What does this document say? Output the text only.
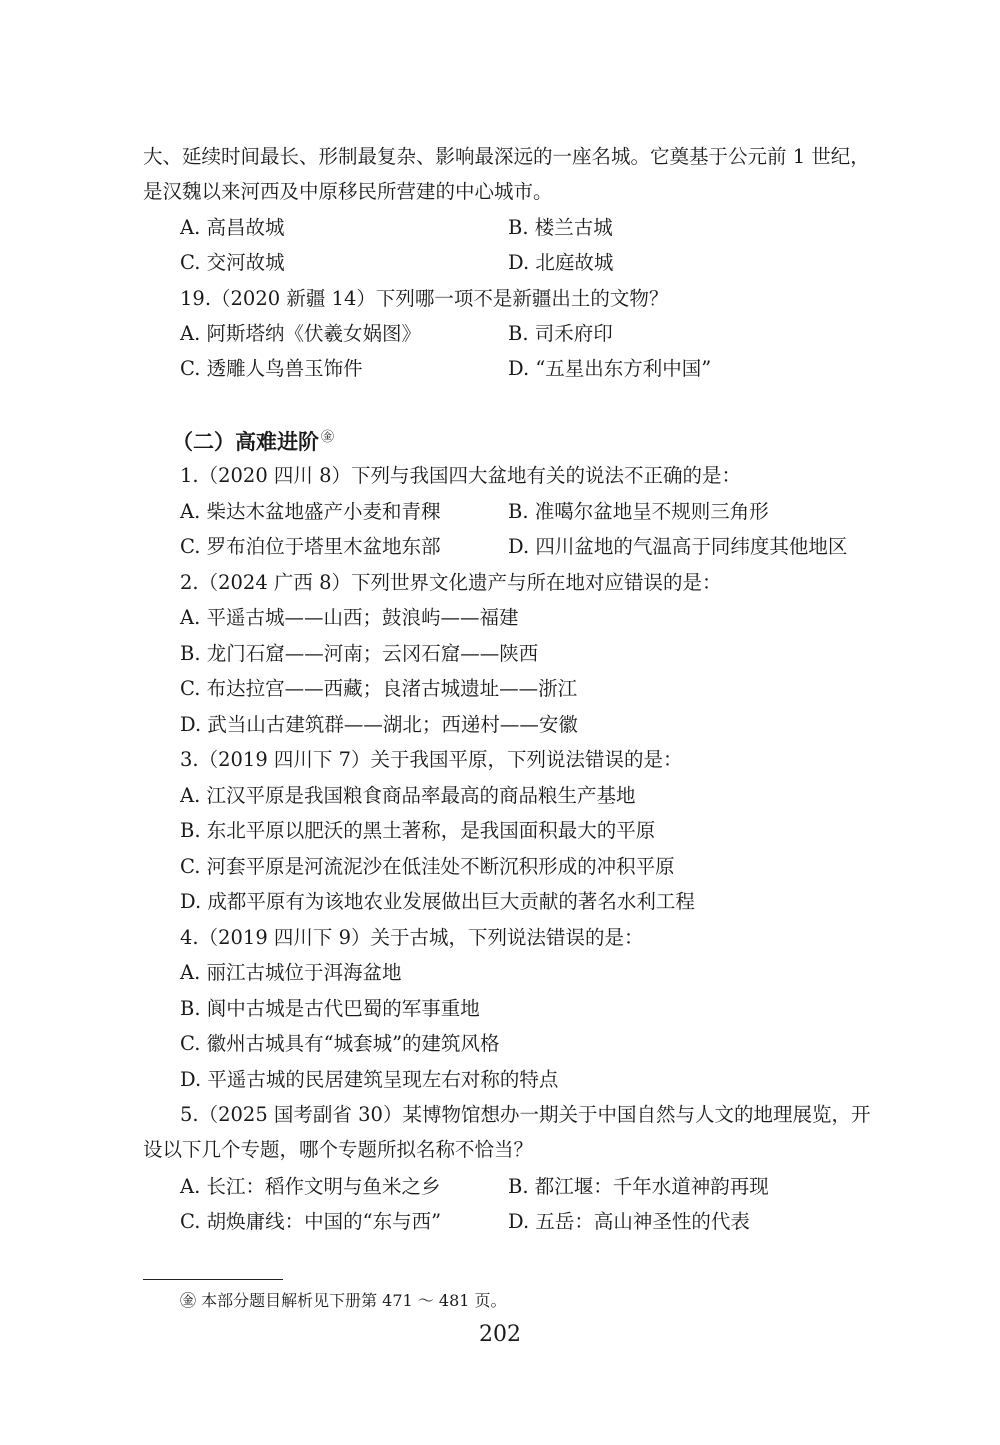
大、延续时间最长、形制最复杂、影响最深远的一座名城。它奠基于公元前 1 世纪，
是汉魏以来河西及中原移民所营建的中心城市。
A. 高昌故城	B. 楼兰古城
C. 交河故城	D. 北庭故城
19.（2020 新疆 14）下列哪一项不是新疆出土的文物？
A. 阿斯塔纳《伏羲女娲图》	B. 司禾府印
C. 透雕人鸟兽玉饰件	D. “五星出东方利中国”
（二）高难进阶 ㊎
1.（2020 四川 8）下列与我国四大盆地有关的说法不正确的是：
A. 柴达木盆地盛产小麦和青稞	B. 准噶尔盆地呈不规则三角形
C. 罗布泊位于塔里木盆地东部	D. 四川盆地的气温高于同纬度其他地区
2.（2024 广西 8）下列世界文化遗产与所在地对应错误的是：
A. 平遥古城——山西；鼓浪屿——福建
B. 龙门石窟——河南；云冈石窟——陕西
C. 布达拉宫——西藏；良渚古城遗址——浙江
D. 武当山古建筑群——湖北；西递村——安徽
3.（2019 四川下 7）关于我国平原，下列说法错误的是：
A. 江汉平原是我国粮食商品率最高的商品粮生产基地
B. 东北平原以肥沃的黑土著称，是我国面积最大的平原
C. 河套平原是河流泥沙在低洼处不断沉积形成的冲积平原
D. 成都平原有为该地农业发展做出巨大贡献的著名水利工程
4.（2019 四川下 9）关于古城，下列说法错误的是：
A. 丽江古城位于洱海盆地
B. 阆中古城是古代巴蜀的军事重地
C. 徽州古城具有“城套城”的建筑风格
D. 平遥古城的民居建筑呈现左右对称的特点
5.（2025 国考副省 30）某博物馆想办一期关于中国自然与人文的地理展览，开
设以下几个专题，哪个专题所拟名称不恰当？
A. 长江：稻作文明与鱼米之乡	B. 都江堰：千年水道神韵再现
C. 胡焕庸线：中国的“东与西”	D. 五岳：高山神圣性的代表
㊎ 本部分题目解析见下册第 471 ～ 481 页。
202
